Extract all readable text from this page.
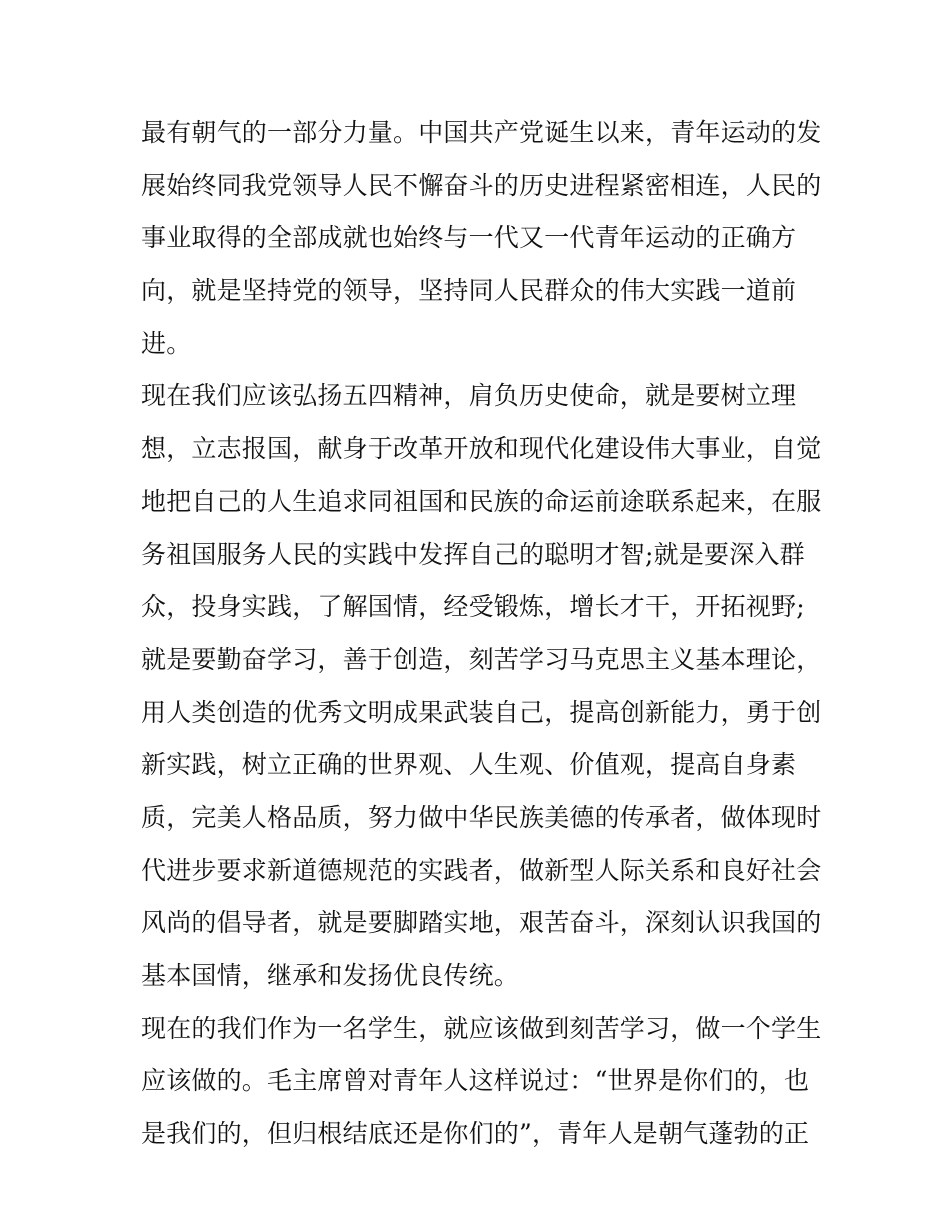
最有朝气的一部分力量。中国共产党诞生以来，青年运动的发
展始终同我党领导人民不懈奋斗的历史进程紧密相连，人民的
事业取得的全部成就也始终与一代又一代青年运动的正确方
向，就是坚持党的领导，坚持同人民群众的伟大实践一道前
进。
现在我们应该弘扬五四精神，肩负历史使命，就是要树立理
想，立志报国，献身于改革开放和现代化建设伟大事业，自觉
地把自己的人生追求同祖国和民族的命运前途联系起来，在服
务祖国服务人民的实践中发挥自己的聪明才智;就是要深入群
众，投身实践，了解国情，经受锻炼，增长才干，开拓视野;
就是要勤奋学习，善于创造，刻苦学习马克思主义基本理论，
用人类创造的优秀文明成果武装自己，提高创新能力，勇于创
新实践，树立正确的世界观、人生观、价值观，提高自身素
质，完美人格品质，努力做中华民族美德的传承者，做体现时
代进步要求新道德规范的实践者，做新型人际关系和良好社会
风尚的倡导者，就是要脚踏实地，艰苦奋斗，深刻认识我国的
基本国情，继承和发扬优良传统。
现在的我们作为一名学生，就应该做到刻苦学习，做一个学生
应该做的。毛主席曾对青年人这样说过：“世界是你们的，也
是我们的，但归根结底还是你们的”，青年人是朝气蓬勃的正
